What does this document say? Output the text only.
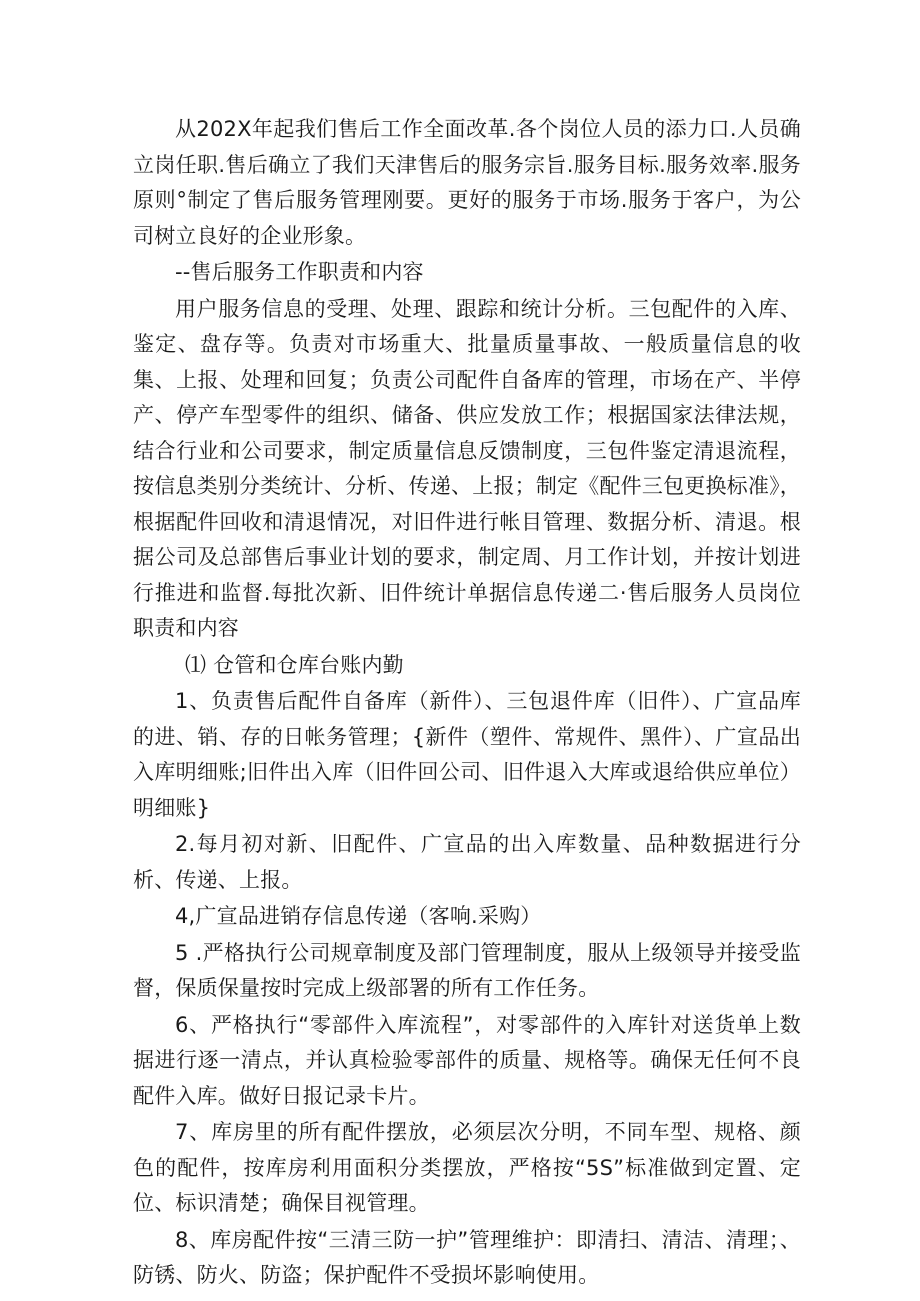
从202X年起我们售后工作全面改革.各个岗位人员的添力口.人员确立岗任职.售后确立了我们天津售后的服务宗旨.服务目标.服务效率.服务原则°制定了售后服务管理刚要。更好的服务于市场.服务于客户，为公司树立良好的企业形象。

--售后服务工作职责和内容

用户服务信息的受理、处理、跟踪和统计分析。三包配件的入库、鉴定、盘存等。负责对市场重大、批量质量事故、一般质量信息的收集、上报、处理和回复；负责公司配件自备库的管理，市场在产、半停产、停产车型零件的组织、储备、供应发放工作；根据国家法律法规，结合行业和公司要求，制定质量信息反馈制度，三包件鉴定清退流程，按信息类别分类统计、分析、传递、上报；制定《配件三包更换标准》，根据配件回收和清退情况，对旧件进行帐目管理、数据分析、清退。根据公司及总部售后事业计划的要求，制定周、月工作计划，并按计划进行推进和监督.每批次新、旧件统计单据信息传递二·售后服务人员岗位职责和内容

⑴ 仓管和仓库台账内勤

1、负责售后配件自备库（新件）、三包退件库（旧件）、广宣品库的进、销、存的日帐务管理；{新件（塑件、常规件、黑件）、广宣品出入库明细账;旧件出入库（旧件回公司、旧件退入大库或退给供应单位）明细账}

2.每月初对新、旧配件、广宣品的出入库数量、品种数据进行分析、传递、上报。

4,广宣品进销存信息传递（客响.采购）

5 .严格执行公司规章制度及部门管理制度，服从上级领导并接受监督，保质保量按时完成上级部署的所有工作任务。

6、严格执行“零部件入库流程”，对零部件的入库针对送货单上数据进行逐一清点，并认真检验零部件的质量、规格等。确保无任何不良配件入库。做好日报记录卡片。

7、库房里的所有配件摆放，必须层次分明，不同车型、规格、颜色的配件，按库房利用面积分类摆放，严格按“5S”标准做到定置、定位、标识清楚；确保目视管理。

8、库房配件按“三清三防一护”管理维护：即清扫、清洁、清理；、防锈、防火、防盗；保护配件不受损坏影响使用。
